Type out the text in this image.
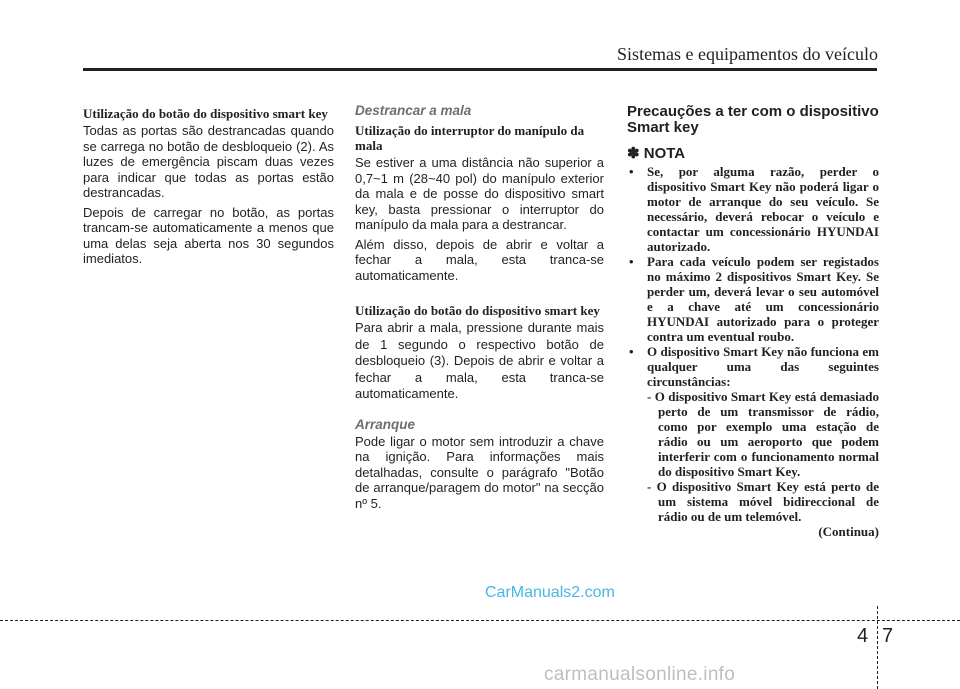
Sistemas e equipamentos do veículo

Utilização do botão do dispositivo smart key

Todas as portas são destrancadas quando se carrega no botão de desbloqueio (2). As luzes de emergência piscam duas vezes para indicar que todas as portas estão destrancadas.

Depois de carregar no botão, as portas trancam-se automaticamente a menos que uma delas seja aberta nos 30 segundos imediatos.

Destrancar a mala

Utilização do interruptor do manípulo da mala

Se estiver a uma distância não superior a 0,7~1 m (28~40 pol) do manípulo exterior da mala e de posse do dispositivo smart key, basta pressionar o interruptor do manípulo da mala para a destrancar.

Além disso, depois de abrir e voltar a fechar a mala, esta tranca-se automaticamente.

Utilização do botão do dispositivo smart key

Para abrir a mala, pressione durante mais de 1 segundo o respectivo botão de desbloqueio (3). Depois de abrir e voltar a fechar a mala, esta tranca-se automaticamente.

Arranque

Pode ligar o motor sem introduzir a chave na ignição. Para informações mais detalhadas, consulte o parágrafo "Botão de arranque/paragem do motor" na secção nº 5.

Precauções a ter com o dispositivo Smart key
✽ NOTA

• Se, por alguma razão, perder o dispositivo Smart Key não poderá ligar o motor de arranque do seu veículo. Se necessário, deverá rebocar o veículo e contactar um concessionário HYUNDAI autorizado.

• Para cada veículo podem ser registados no máximo 2 dispositivos Smart Key. Se perder um, deverá levar o seu automóvel e a chave até um concessionário HYUNDAI autorizado para o proteger contra um eventual roubo.

• O dispositivo Smart Key não funciona em qualquer uma das seguintes circunstâncias:

- O dispositivo Smart Key está demasiado perto de um transmissor de rádio, como por exemplo uma estação de rádio ou um aeroporto que podem interferir com o funcionamento normal do dispositivo Smart Key.

- O dispositivo Smart Key está perto de um sistema móvel bidireccional de rádio ou de um telemóvel.

(Continua)

CarManuals2.com
4 7
carmanualsonline.info
